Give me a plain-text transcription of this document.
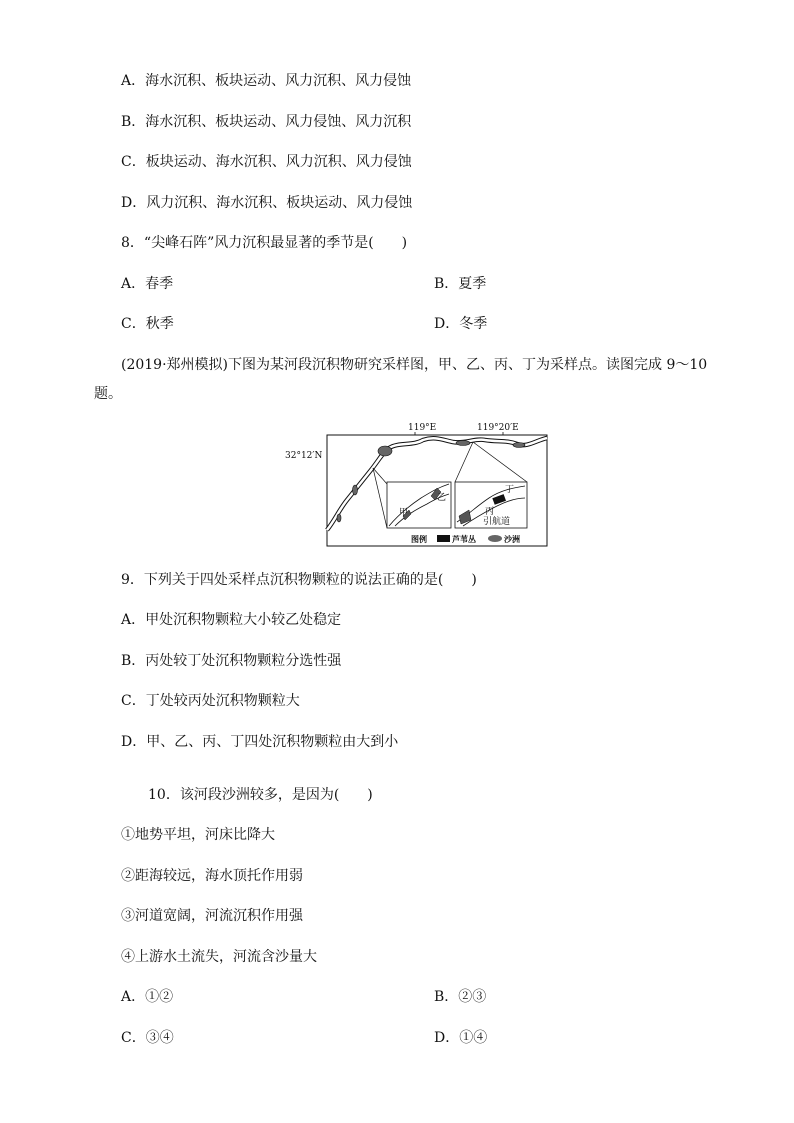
A．海水沉积、板块运动、风力沉积、风力侵蚀
B．海水沉积、板块运动、风力侵蚀、风力沉积
C．板块运动、海水沉积、风力沉积、风力侵蚀
D．风力沉积、海水沉积、板块运动、风力侵蚀
8．“尖峰石阵”风力沉积最显著的季节是(　　)
A．春季	B．夏季
C．秋季	D．冬季
(2019·郑州模拟)下图为某河段沉积物研究采样图，甲、乙、丙、丁为采样点。读图完成 9～10
题。
119°E	119°20′E
32°12′N
甲
乙
丁
丙
引航道
图例	芦苇丛	沙洲
9．下列关于四处采样点沉积物颗粒的说法正确的是(　　)
A．甲处沉积物颗粒大小较乙处稳定
B．丙处较丁处沉积物颗粒分选性强
C．丁处较丙处沉积物颗粒大
D．甲、乙、丙、丁四处沉积物颗粒由大到小
10．该河段沙洲较多，是因为(　　)
①地势平坦，河床比降大
②距海较远，海水顶托作用弱
③河道宽阔，河流沉积作用强
④上游水土流失，河流含沙量大
A．①②	B．②③
C．③④	D．①④
